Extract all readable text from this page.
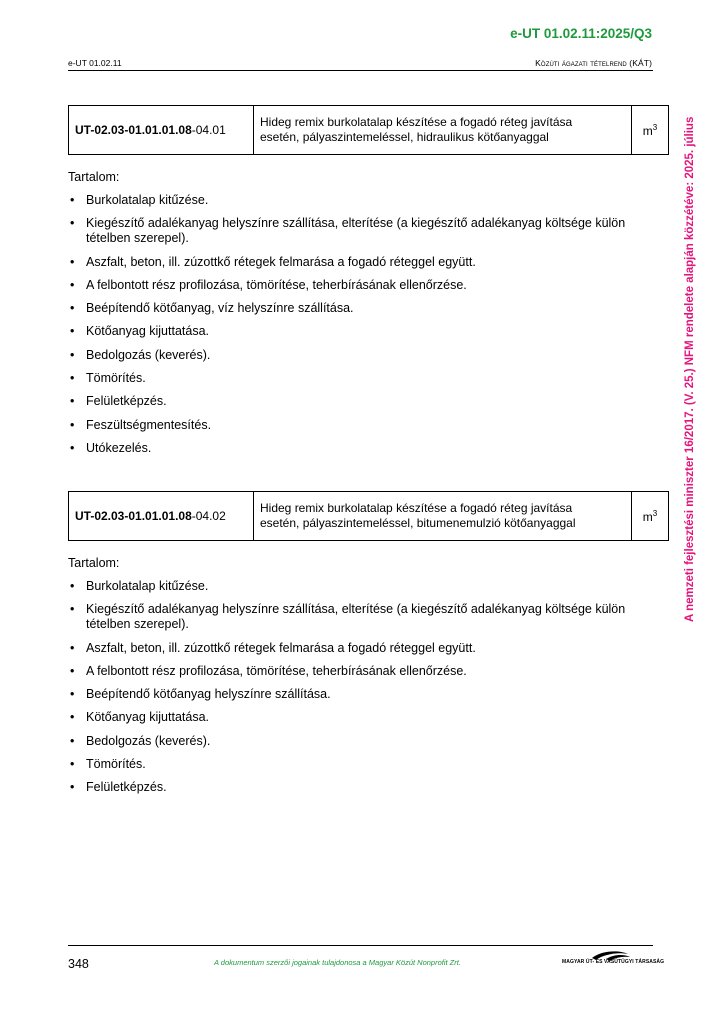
e-UT 01.02.11:2025/Q3
e-UT 01.02.11	Közúti ágazati tételrend (KÁT)
A nemzeti fejlesztési miniszter 16/2017. (V. 25.) NFM rendelete alapján közzétéve: 2025. július
UT-02.03-01.01.01.08-04.01	Hideg remix burkolatalap készítése a fogadó réteg javítása
esetén, pályaszintemeléssel, hidraulikus kötőanyaggal	$m^3$
Tartalom:
• Burkolatalap kitűzése.
• Kiegészítő adalékanyag helyszínre szállítása, elterítése (a kiegészítő adalékanyag költsége külön tételben szerepel).
• Aszfalt, beton, ill. zúzottkő rétegek felmarása a fogadó réteggel együtt.
• A felbontott rész profilozása, tömörítése, teherbírásának ellenőrzése.
• Beépítendő kötőanyag, víz helyszínre szállítása.
• Kötőanyag kijuttatása.
• Bedolgozás (keverés).
• Tömörítés.
• Felületképzés.
• Feszültségmentesítés.
• Utókezelés.
UT-02.03-01.01.01.08-04.02	Hideg remix burkolatalap készítése a fogadó réteg javítása
esetén, pályaszintemeléssel, bitumenemulzió kötőanyaggal	$m^3$
Tartalom:
• Burkolatalap kitűzése.
• Kiegészítő adalékanyag helyszínre szállítása, elterítése (a kiegészítő adalékanyag költsége külön tételben szerepel).
• Aszfalt, beton, ill. zúzottkő rétegek felmarása a fogadó réteggel együtt.
• A felbontott rész profilozása, tömörítése, teherbírásának ellenőrzése.
• Beépítendő kötőanyag helyszínre szállítása.
• Kötőanyag kijuttatása.
• Bedolgozás (keverés).
• Tömörítés.
• Felületképzés.
348	A dokumentum szerzői jogainak tulajdonosa a Magyar Közút Nonprofit Zrt.	MAGYAR ÚT- ÉS VASÚTÜGYI TÁRSASÁG
